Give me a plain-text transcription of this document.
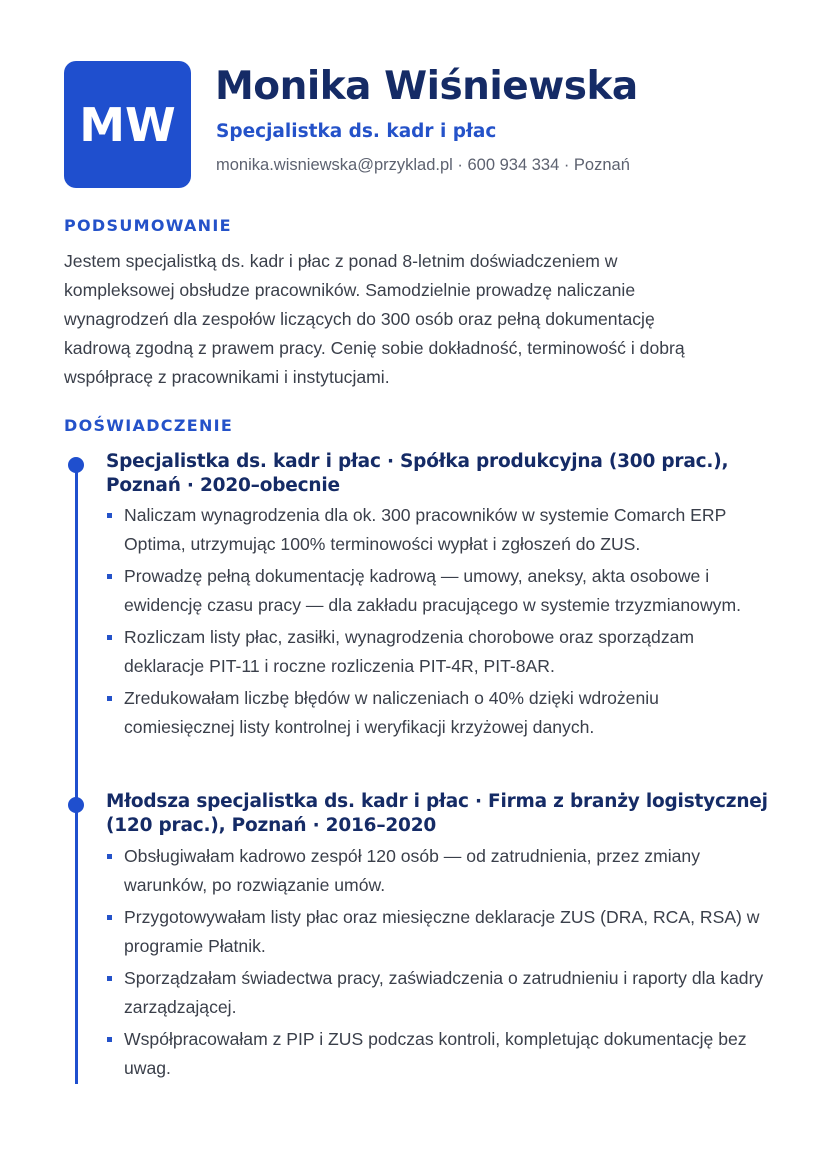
MW
Monika Wiśniewska
Specjalistka ds. kadr i płac
monika.wisniewska@przyklad.pl · 600 934 334 · Poznań
PODSUMOWANIE

Jestem specjalistką ds. kadr i płac z ponad 8-letnim doświadczeniem w kompleksowej obsłudze pracowników. Samodzielnie prowadzę naliczanie wynagrodzeń dla zespołów liczących do 300 osób oraz pełną dokumentację kadrową zgodną z prawem pracy. Cenię sobie dokładność, terminowość i dobrą współpracę z pracownikami i instytucjami.

DOŚWIADCZENIE
Specjalistka ds. kadr i płac · Spółka produkcyjna (300 prac.), Poznań · 2020–obecnie
Naliczam wynagrodzenia dla ok. 300 pracowników w systemie Comarch ERP Optima, utrzymując 100% terminowości wypłat i zgłoszeń do ZUS.
Prowadzę pełną dokumentację kadrową — umowy, aneksy, akta osobowe i ewidencję czasu pracy — dla zakładu pracującego w systemie trzyzmianowym.
Rozliczam listy płac, zasiłki, wynagrodzenia chorobowe oraz sporządzam deklaracje PIT-11 i roczne rozliczenia PIT-4R, PIT-8AR.
Zredukowałam liczbę błędów w naliczeniach o 40% dzięki wdrożeniu comiesięcznej listy kontrolnej i weryfikacji krzyżowej danych.
Młodsza specjalistka ds. kadr i płac · Firma z branży logistycznej (120 prac.), Poznań · 2016–2020
Obsługiwałam kadrowo zespół 120 osób — od zatrudnienia, przez zmiany warunków, po rozwiązanie umów.
Przygotowywałam listy płac oraz miesięczne deklaracje ZUS (DRA, RCA, RSA) w programie Płatnik.
Sporządzałam świadectwa pracy, zaświadczenia o zatrudnieniu i raporty dla kadry zarządzającej.
Współpracowałam z PIP i ZUS podczas kontroli, kompletując dokumentację bez uwag.
